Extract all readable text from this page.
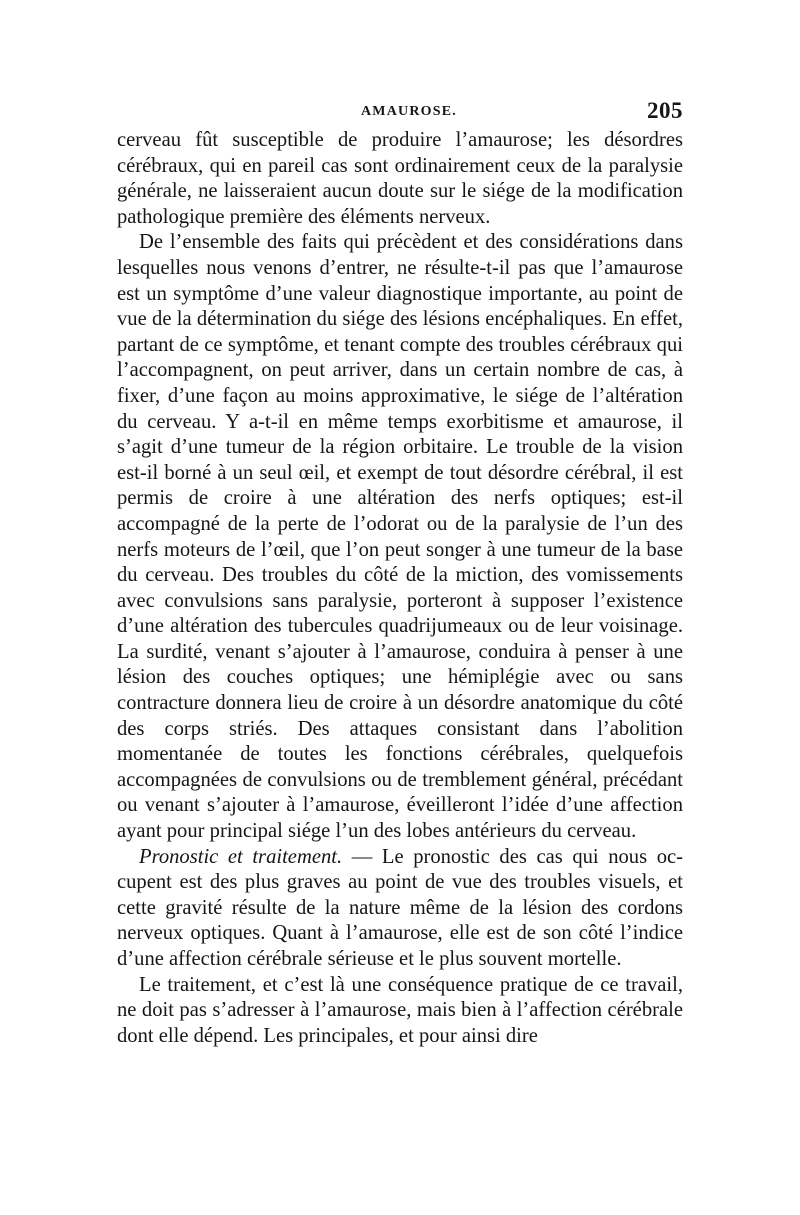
AMAUROSE.	205

cerveau fût susceptible de produire l’amaurose; les désordres cérébraux, qui en pareil cas sont ordinairement ceux de la paralysie générale, ne laisseraient aucun doute sur le siége de la modification pathologique première des éléments nerveux.

De l’ensemble des faits qui précèdent et des considérations dans lesquelles nous venons d’entrer, ne résulte-t-il pas que l’amaurose est un symptôme d’une valeur diagnostique importante, au point de vue de la détermination du siége des lésions encéphaliques. En effet, partant de ce symptôme, et tenant compte des troubles cérébraux qui l’accompagnent, on peut arriver, dans un certain nombre de cas, à fixer, d’une façon au moins approximative, le siége de l’altération du cerveau. Y a-t-il en même temps exorbitisme et amaurose, il s’agit d’une tumeur de la région orbitaire. Le trouble de la vision est-il borné à un seul œil, et exempt de tout désordre cérébral, il est permis de croire à une altération des nerfs optiques; est-il accompagné de la perte de l’odorat ou de la paralysie de l’un des nerfs moteurs de l’œil, que l’on peut songer à une tumeur de la base du cerveau. Des troubles du côté de la miction, des vomissements avec convulsions sans paralysie, porteront à supposer l’existence d’une altération des tubercules quadrijumeaux ou de leur voisinage. La surdité, venant s’ajouter à l’amaurose, conduira à penser à une lésion des couches optiques; une hémiplégie avec ou sans contracture donnera lieu de croire à un désordre anatomique du côté des corps striés. Des attaques consistant dans l’abolition momentanée de toutes les fonctions cérébrales, quelquefois accompagnées de convulsions ou de tremblement général, précédant ou venant s’ajouter à l’amaurose, éveilleront l’idée d’une affection ayant pour principal siége l’un des lobes antérieurs du cerveau.

Pronostic et traitement. — Le pronostic des cas qui nous occupent est des plus graves au point de vue des troubles visuels, et cette gravité résulte de la nature même de la lésion des cordons nerveux optiques. Quant à l’amaurose, elle est de son côté l’indice d’une affection cérébrale sérieuse et le plus souvent mortelle.

Le traitement, et c’est là une conséquence pratique de ce travail, ne doit pas s’adresser à l’amaurose, mais bien à l’affection cérébrale dont elle dépend. Les principales, et pour ainsi dire
